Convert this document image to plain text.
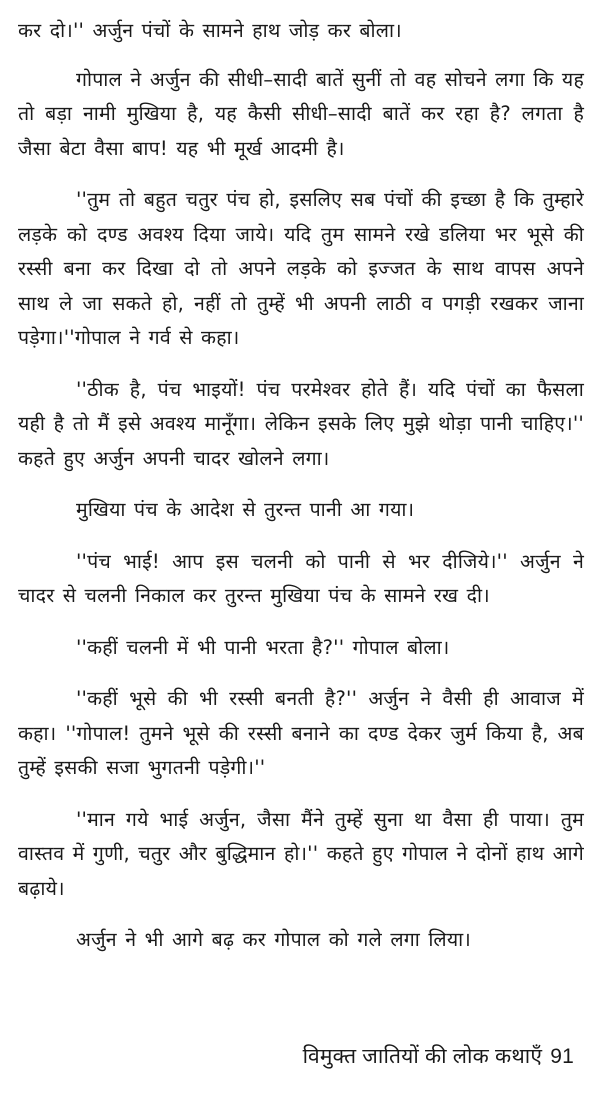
कर दो।'' अर्जुन पंचों के सामने हाथ जोड़ कर बोला।

गोपाल ने अर्जुन की सीधी–सादी बातें सुनीं तो वह सोचने लगा कि यह तो बड़ा नामी मुखिया है, यह कैसी सीधी–सादी बातें कर रहा है? लगता है जैसा बेटा वैसा बाप! यह भी मूर्ख आदमी है।

''तुम तो बहुत चतुर पंच हो, इसलिए सब पंचों की इच्छा है कि तुम्हारे लड़के को दण्ड अवश्य दिया जाये। यदि तुम सामने रखे डलिया भर भूसे की रस्सी बना कर दिखा दो तो अपने लड़के को इज्जत के साथ वापस अपने साथ ले जा सकते हो, नहीं तो तुम्हें भी अपनी लाठी व पगड़ी रखकर जाना पड़ेगा।''गोपाल ने गर्व से कहा।

''ठीक है, पंच भाइयों! पंच परमेश्वर होते हैं। यदि पंचों का फैसला यही है तो मैं इसे अवश्य मानूँगा। लेकिन इसके लिए मुझे थोड़ा पानी चाहिए।'' कहते हुए अर्जुन अपनी चादर खोलने लगा।

मुखिया पंच के आदेश से तुरन्त पानी आ गया।

''पंच भाई! आप इस चलनी को पानी से भर दीजिये।'' अर्जुन ने चादर से चलनी निकाल कर तुरन्त मुखिया पंच के सामने रख दी।

''कहीं चलनी में भी पानी भरता है?'' गोपाल बोला।

''कहीं भूसे की भी रस्सी बनती है?'' अर्जुन ने वैसी ही आवाज में कहा। ''गोपाल! तुमने भूसे की रस्सी बनाने का दण्ड देकर जुर्म किया है, अब तुम्हें इसकी सजा भुगतनी पड़ेगी।''

''मान गये भाई अर्जुन, जैसा मैंने तुम्हें सुना था वैसा ही पाया। तुम वास्तव में गुणी, चतुर और बुद्धिमान हो।'' कहते हुए गोपाल ने दोनों हाथ आगे बढ़ाये।

अर्जुन ने भी आगे बढ़ कर गोपाल को गले लगा लिया।

विमुक्त जातियों की लोक कथाएँ 91
